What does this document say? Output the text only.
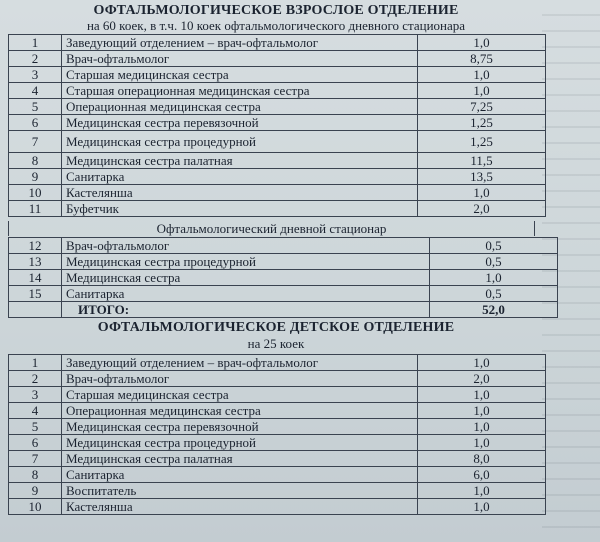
ОФТАЛЬМОЛОГИЧЕСКОЕ ВЗРОСЛОЕ ОТДЕЛЕНИЕ
на 60 коек, в т.ч. 10 коек офтальмологического дневного стационара
1	Заведующий отделением – врач-офтальмолог	1,0
2	Врач-офтальмолог	8,75
3	Старшая медицинская сестра	1,0
4	Старшая операционная медицинская сестра	1,0
5	Операционная медицинская сестра	7,25
6	Медицинская сестра перевязочной	1,25
7	Медицинская сестра процедурной	1,25
8	Медицинская сестра палатная	11,5
9	Санитарка	13,5
10	Кастелянша	1,0
11	Буфетчик	2,0
Офтальмологический дневной стационар
12	Врач-офтальмолог	0,5
13	Медицинская сестра процедурной	0,5
14	Медицинская сестра	1,0
15	Санитарка	0,5
	ИТОГО:	52,0
ОФТАЛЬМОЛОГИЧЕСКОЕ ДЕТСКОЕ ОТДЕЛЕНИЕ
на 25 коек
1	Заведующий отделением – врач-офтальмолог	1,0
2	Врач-офтальмолог	2,0
3	Старшая медицинская сестра	1,0
4	Операционная медицинская сестра	1,0
5	Медицинская сестра перевязочной	1,0
6	Медицинская сестра процедурной	1,0
7	Медицинская сестра палатная	8,0
8	Санитарка	6,0
9	Воспитатель	1,0
10	Кастелянша	1,0
